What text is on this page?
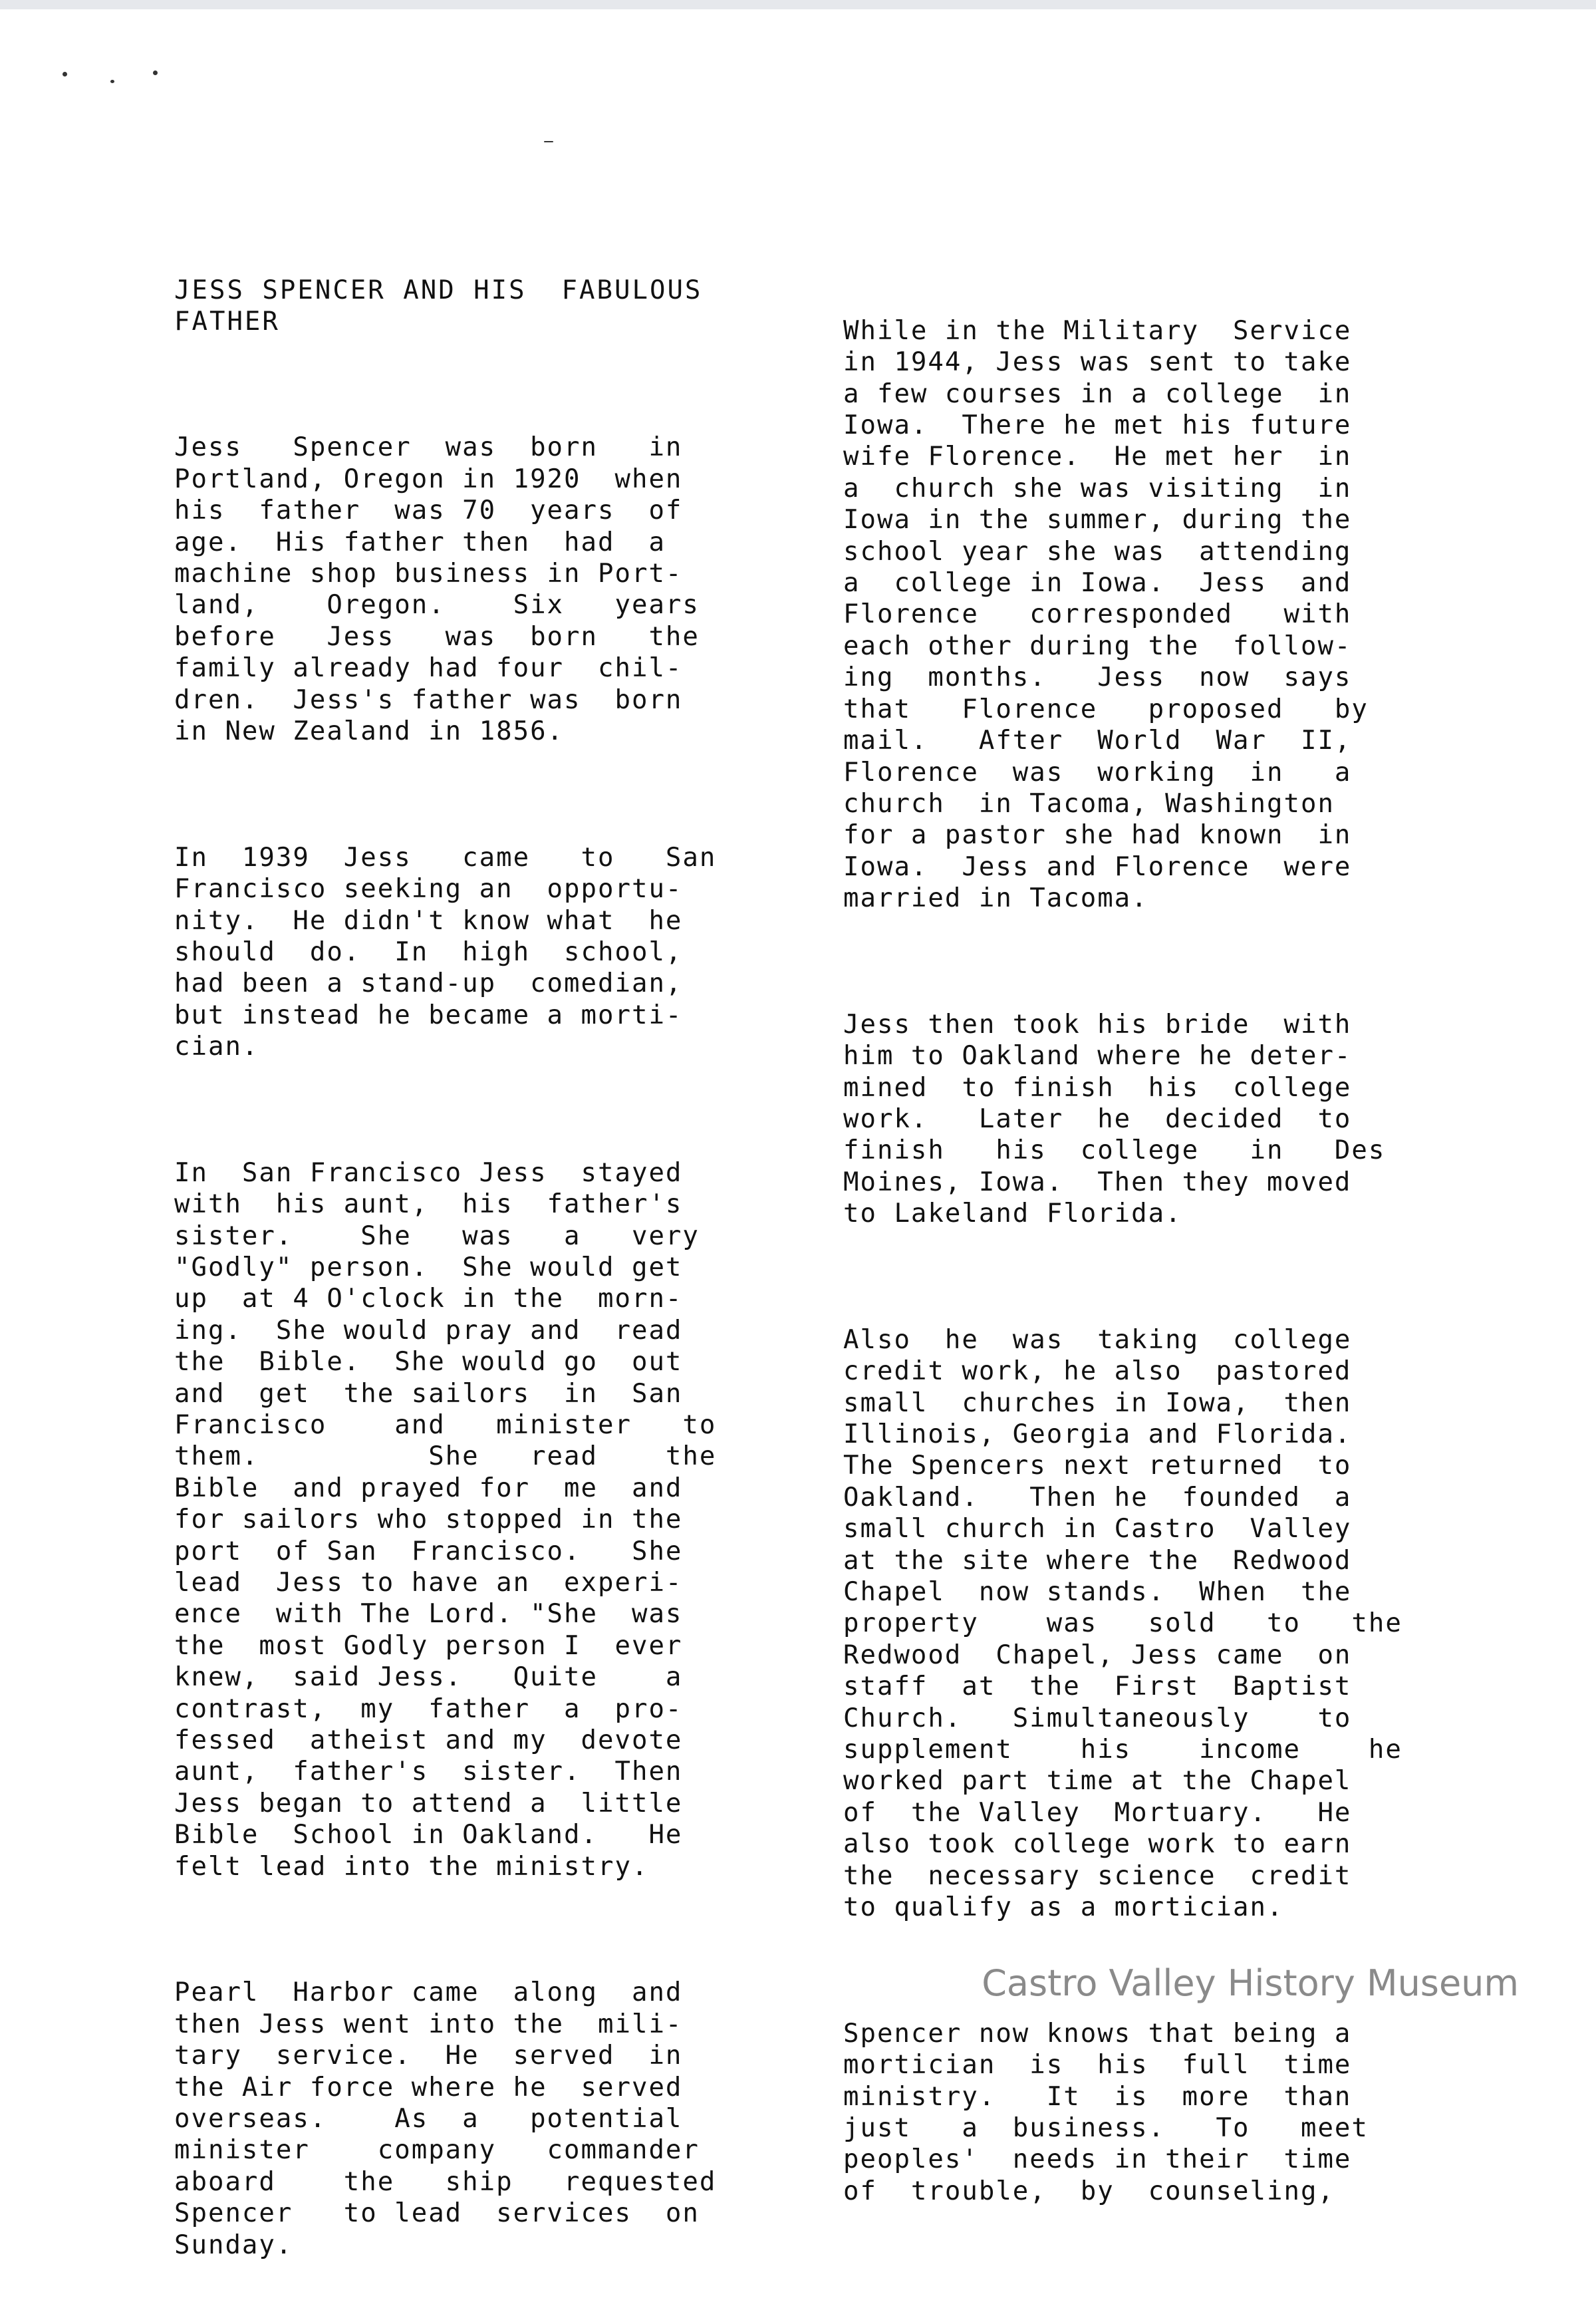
JESS SPENCER AND HIS  FABULOUS
FATHER

Jess   Spencer  was  born   in
Portland, Oregon in 1920  when
his  father  was 70  years  of
age.  His father then  had  a
machine shop business in Port-
land,    Oregon.    Six   years
before   Jess   was  born   the
family already had four  chil-
dren.  Jess's father was  born
in New Zealand in 1856.

In  1939  Jess   came   to   San
Francisco seeking an  opportu-
nity.  He didn't know what  he
should  do.  In  high  school,
had been a stand-up  comedian,
but instead he became a morti-
cian.

In  San Francisco Jess  stayed
with  his aunt,  his  father's
sister.    She   was   a   very
"Godly" person.  She would get
up  at 4 O'clock in the  morn-
ing.  She would pray and  read
the  Bible.  She would go  out
and  get  the sailors  in  San
Francisco    and   minister   to
them.          She   read    the
Bible  and prayed for  me  and
for sailors who stopped in the
port  of San  Francisco.   She
lead  Jess to have an  experi-
ence  with The Lord. "She  was
the  most Godly person I  ever
knew,  said Jess.   Quite    a
contrast,  my  father  a  pro-
fessed  atheist and my  devote
aunt,  father's  sister.  Then
Jess began to attend a  little
Bible  School in Oakland.   He
felt lead into the ministry.

Pearl  Harbor came  along  and
then Jess went into the  mili-
tary  service.  He  served  in
the Air force where he  served
overseas.    As  a   potential
minister    company   commander
aboard    the   ship   requested
Spencer   to lead  services  on
Sunday.

While in the Military  Service
in 1944, Jess was sent to take
a few courses in a college  in
Iowa.  There he met his future
wife Florence.  He met her  in
a  church she was visiting  in
Iowa in the summer, during the
school year she was  attending
a  college in Iowa.  Jess  and
Florence   corresponded   with
each other during the  follow-
ing  months.   Jess  now  says
that   Florence   proposed   by
mail.   After  World  War  II,
Florence  was  working  in   a
church  in Tacoma, Washington
for a pastor she had known  in
Iowa.  Jess and Florence  were
married in Tacoma.

Jess then took his bride  with
him to Oakland where he deter-
mined  to finish  his  college
work.   Later  he  decided  to
finish   his  college   in   Des
Moines, Iowa.  Then they moved
to Lakeland Florida.

Also  he  was  taking  college
credit work, he also  pastored
small  churches in Iowa,  then
Illinois, Georgia and Florida.
The Spencers next returned  to
Oakland.   Then he  founded  a
small church in Castro  Valley
at the site where the  Redwood
Chapel  now stands.  When  the
property    was   sold   to   the
Redwood  Chapel, Jess came  on
staff  at  the  First  Baptist
Church.   Simultaneously    to
supplement    his    income    he
worked part time at the Chapel
of  the Valley  Mortuary.   He
also took college work to earn
the  necessary science  credit
to qualify as a mortician.

Spencer now knows that being a
mortician  is  his  full  time
ministry.   It  is  more  than
just   a  business.   To   meet
peoples'  needs in their  time
of  trouble,  by  counseling,

Castro Valley History Museum
